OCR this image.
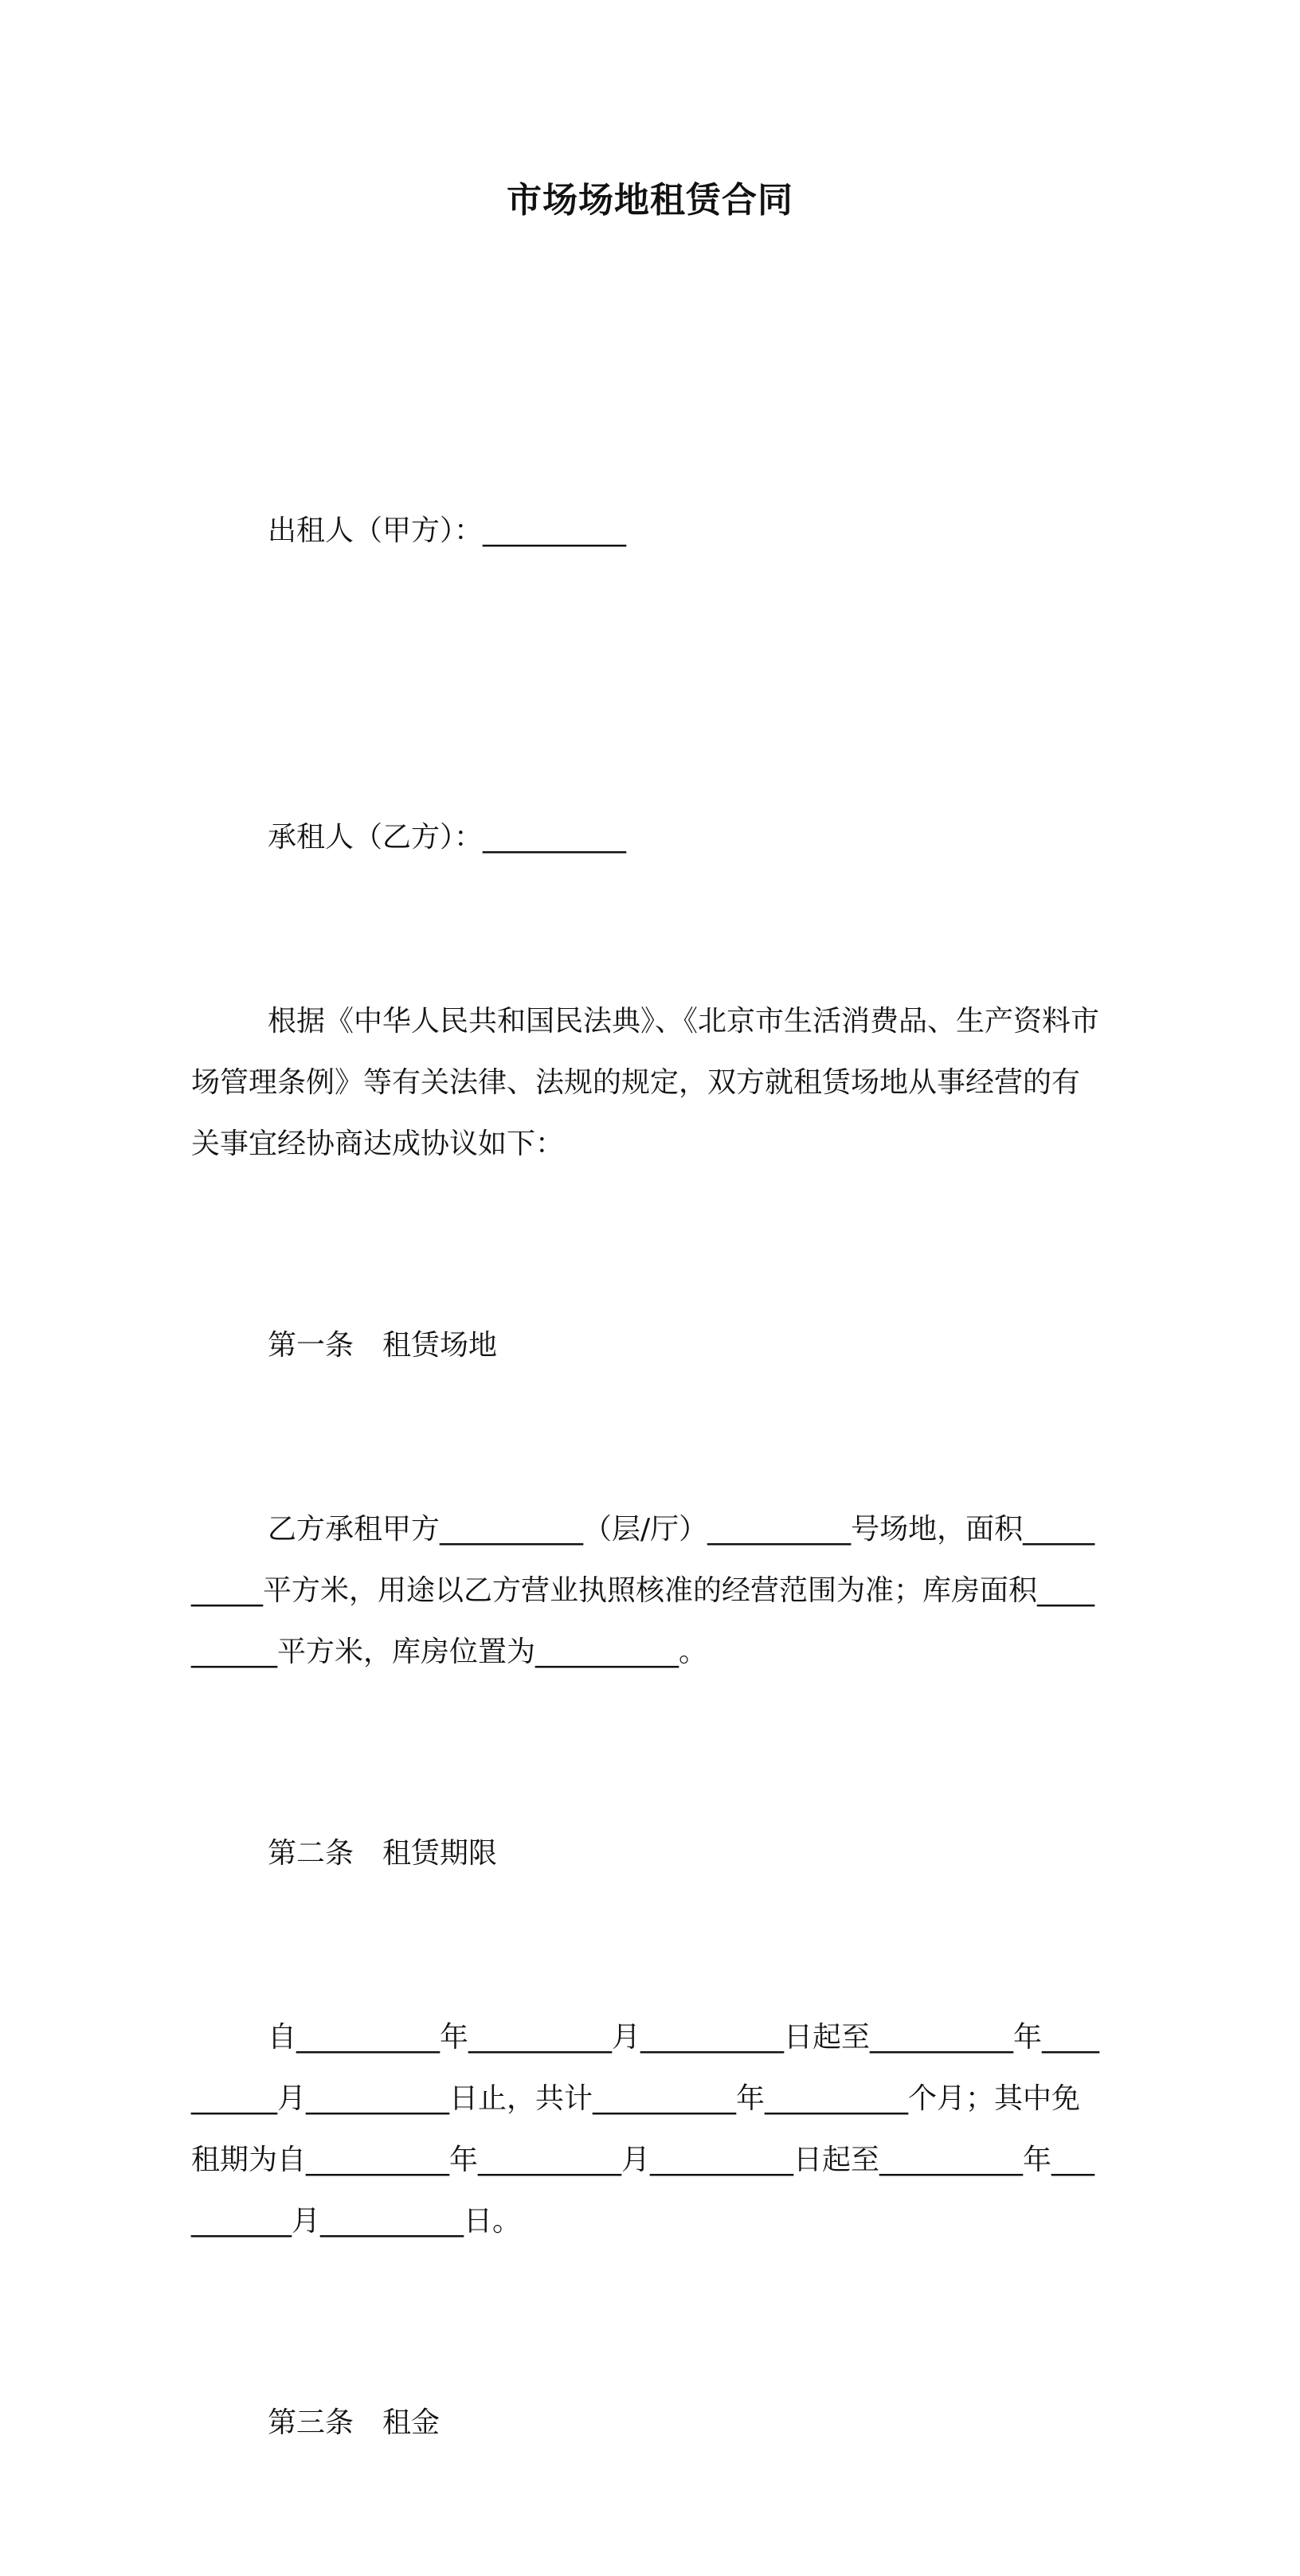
市场场地租赁合同

出租人（甲方）：__________

承租人（乙方）：__________

根据《中华人民共和国民法典》、《北京市生活消费品、生产资料市场管理条例》等有关法律、法规的规定，双方就租赁场地从事经营的有关事宜经协商达成协议如下：

第一条　租赁场地

乙方承租甲方__________（层/厅）__________号场地，面积__________平方米，用途以乙方营业执照核准的经营范围为准；库房面积__________平方米，库房位置为__________。

第二条　租赁期限

自__________年__________月__________日起至__________年__________月__________日止，共计__________年__________个月；其中免租期为自__________年__________月__________日起至__________年__________月__________日。

第三条　租金
